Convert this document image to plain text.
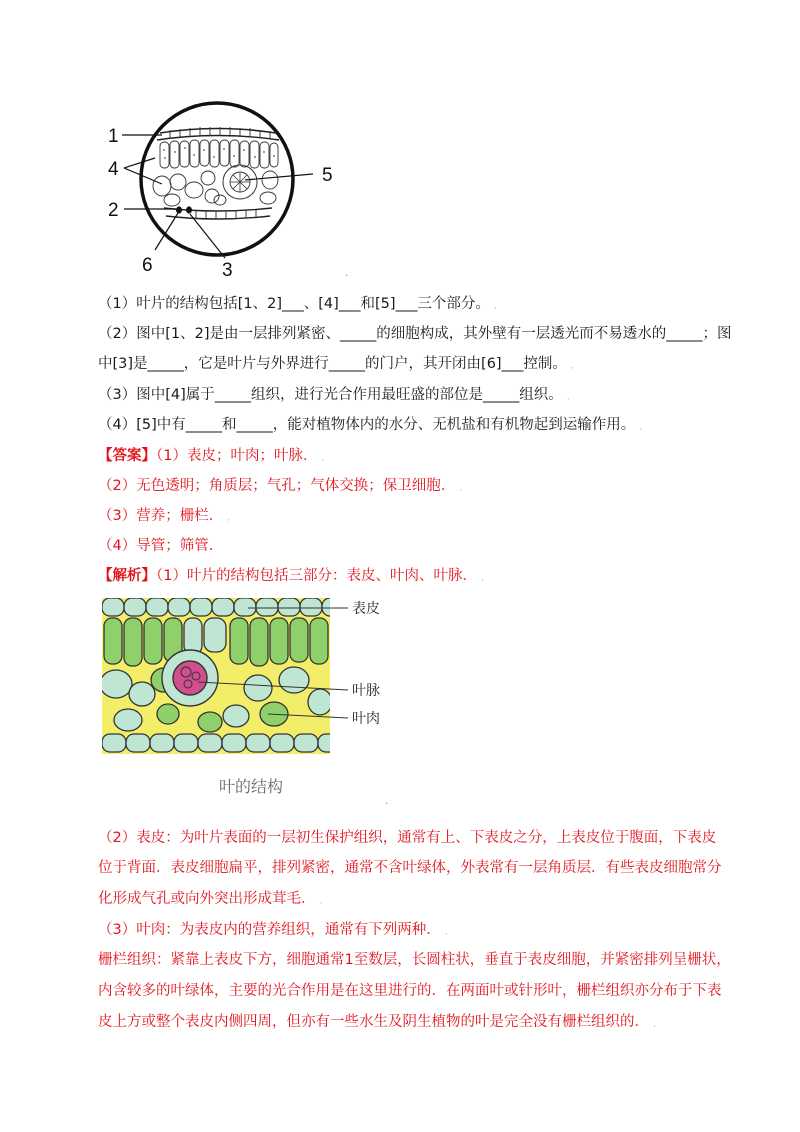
1
4
2
6	3
5
.
（1）叶片的结构包括[1、2]___、[4]___和[5]___三个部分。﹒
（2）图中[1、2]是由一层排列紧密、_____的细胞构成，其外壁有一层透光而不易透水的_____；图
中[3]是_____，它是叶片与外界进行_____的门户，其开闭由[6]___控制。﹒
（3）图中[4]属于_____组织，进行光合作用最旺盛的部位是_____组织。﹒
（4）[5]中有_____和_____，能对植物体内的水分、无机盐和有机物起到运输作用。﹒
【答案】（1）表皮；叶肉；叶脉．﹒
（2）无色透明；角质层；气孔；气体交换；保卫细胞．﹒
（3）营养；栅栏．﹒
（4）导管；筛管.
【解析】（1）叶片的结构包括三部分：表皮、叶肉、叶脉．﹒
表皮
叶脉
叶肉
叶的结构
.
（2）表皮：为叶片表面的一层初生保护组织，通常有上、下表皮之分，上表皮位于腹面，下表皮
位于背面．表皮细胞扁平，排列紧密，通常不含叶绿体，外表常有一层角质层．有些表皮细胞常分
化形成气孔或向外突出形成茸毛．﹒
（3）叶肉：为表皮内的营养组织，通常有下列两种．﹒
栅栏组织：紧靠上表皮下方，细胞通常1至数层，长圆柱状，垂直于表皮细胞，并紧密排列呈栅状，
内含较多的叶绿体，主要的光合作用是在这里进行的．在两面叶或针形叶，栅栏组织亦分布于下表
皮上方或整个表皮内侧四周，但亦有一些水生及阴生植物的叶是完全没有栅栏组织的．﹒
